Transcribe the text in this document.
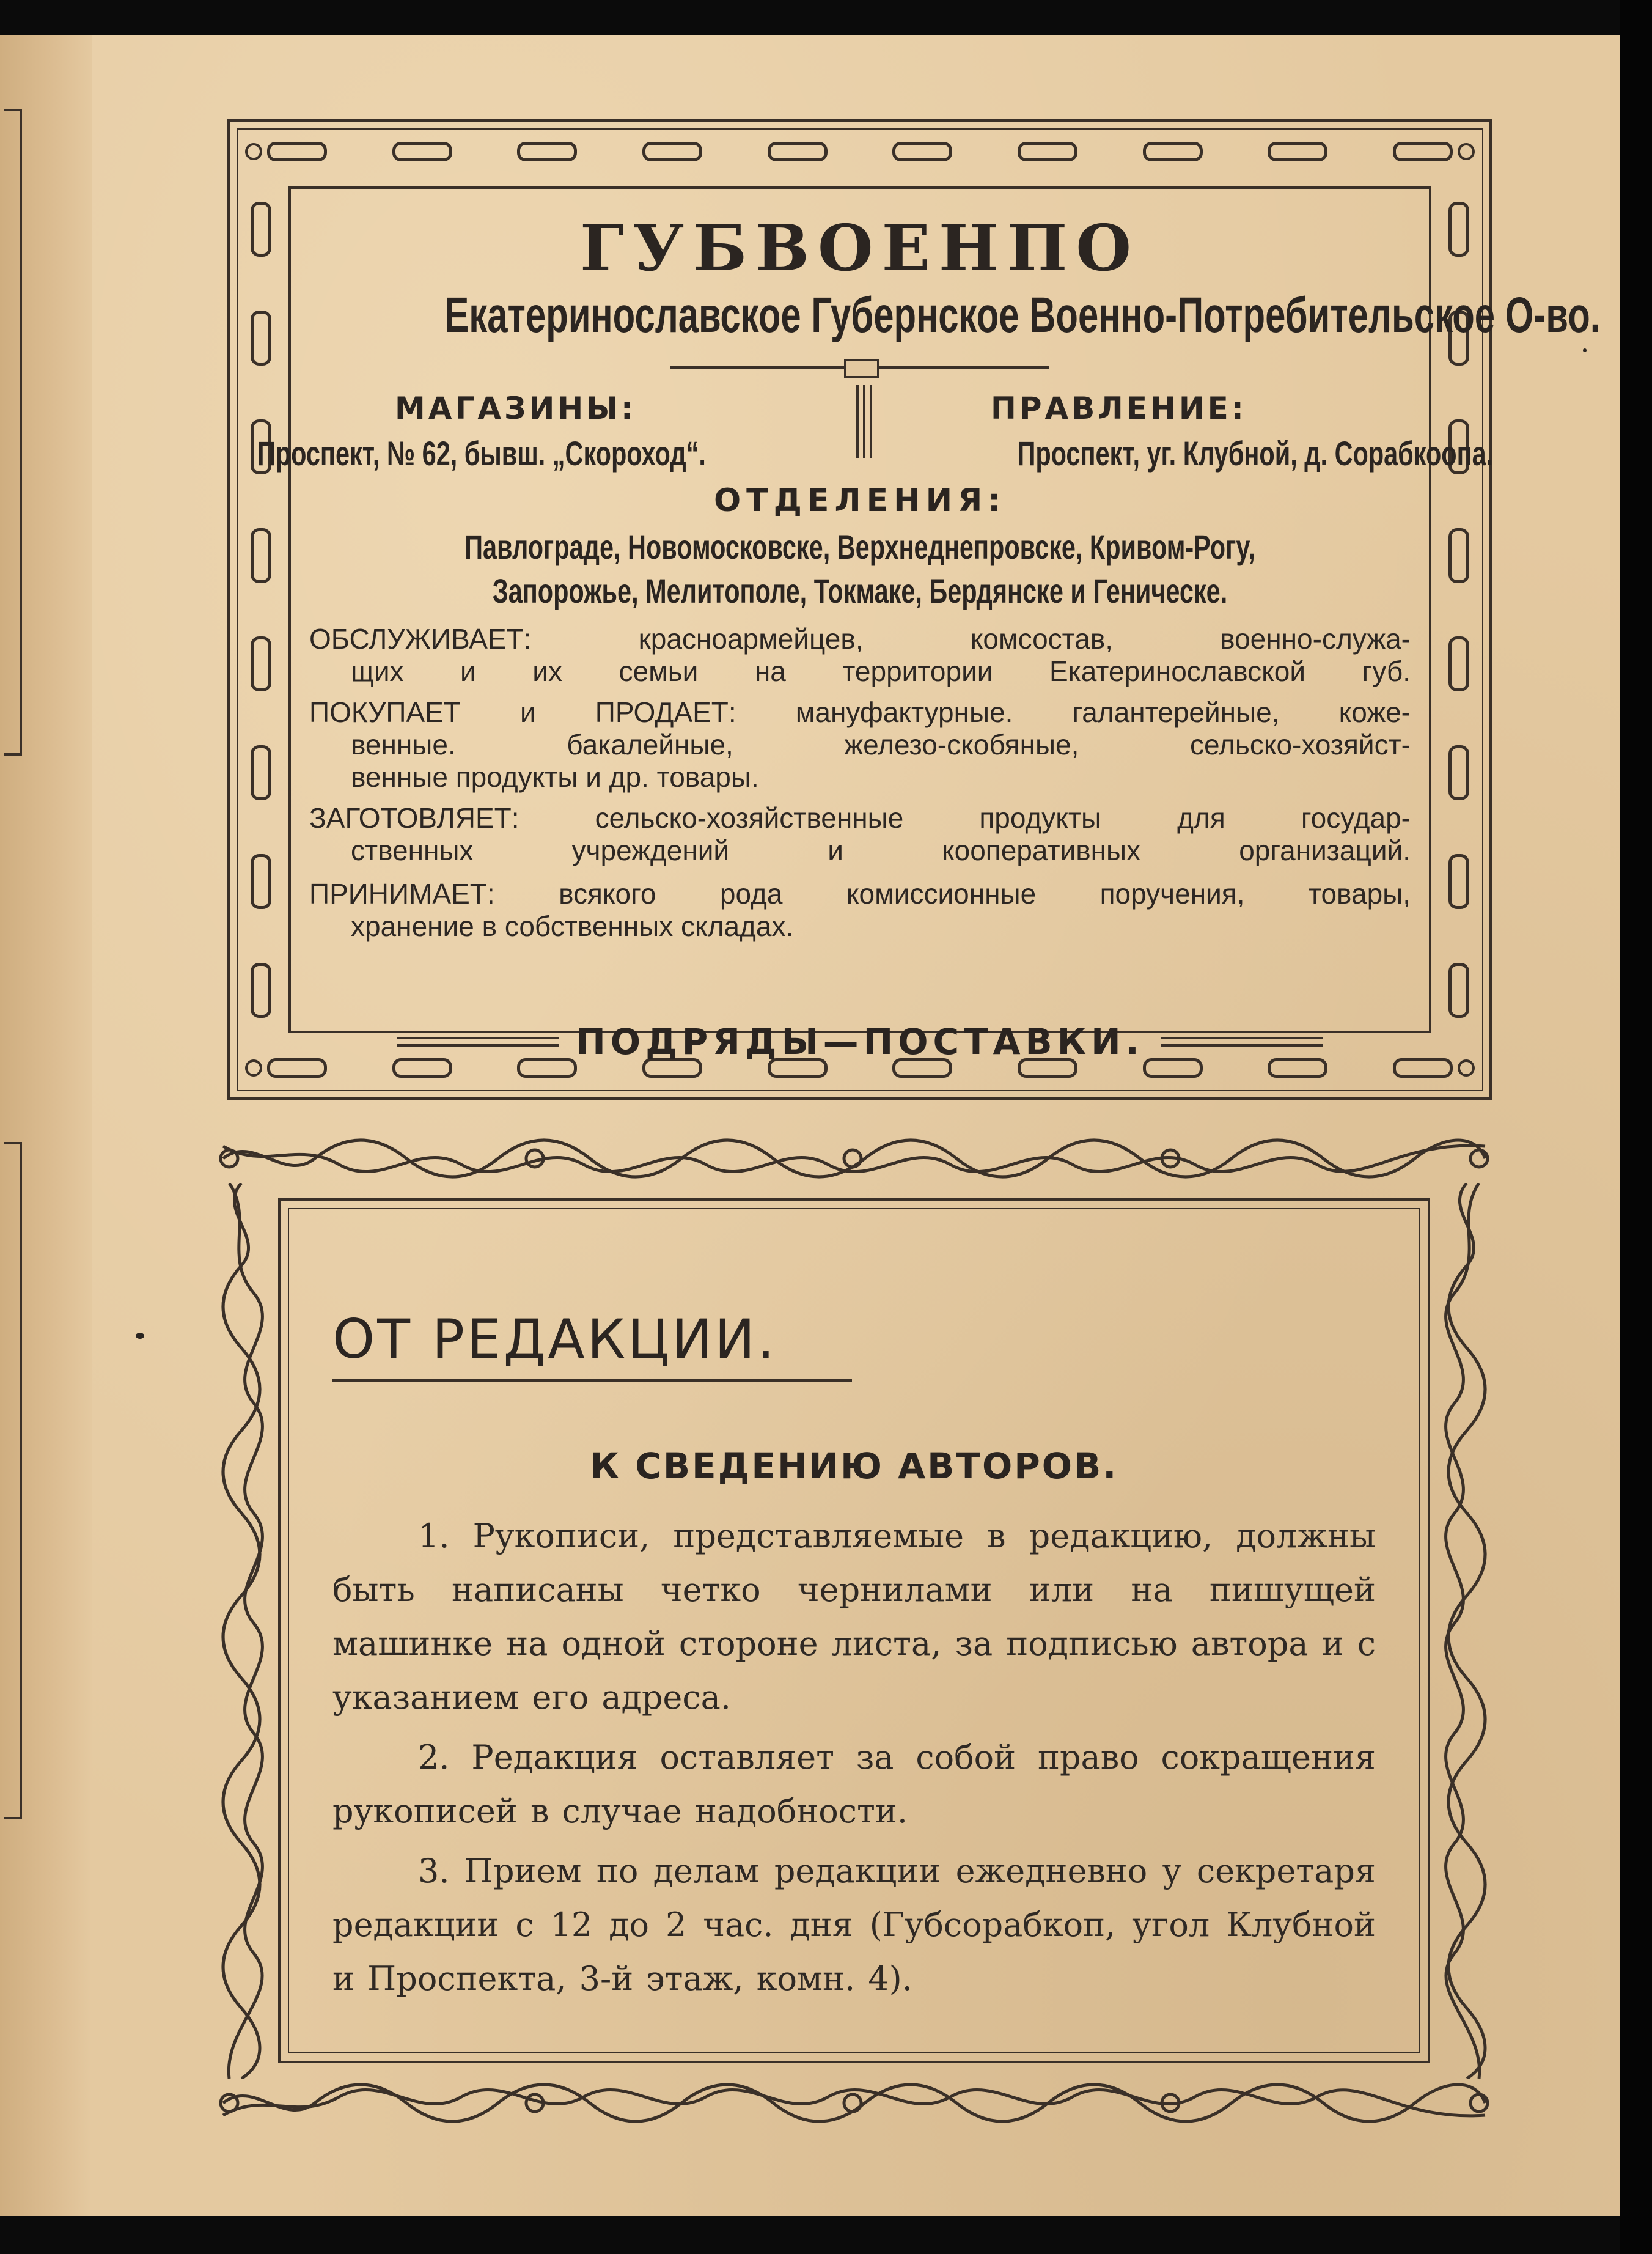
ГУБВОЕНПО
Екатеринославское Губернское Военно-Потребительское О-во.
МАГАЗИНЫ:
Проспект, № 62, бывш. „Скороход“.
ПРАВЛЕНИЕ:
Проспект, уг. Клубной, д. Сорабкоопа.
ОТДЕЛЕНИЯ:
Павлограде, Новомосковске, Верхнеднепровске, Кривом-Рогу,
Запорожье, Мелитополе, Токмаке, Бердянске и Геническе.
ОБСЛУЖИВАЕТ: красноармейцев, комсостав, военно-служа-
щих и их семьи на территории Екатеринославской губ.
ПОКУПАЕТ и ПРОДАЕТ: мануфактурные. галантерейные, коже-
венные. бакалейные, железо-скобяные, сельско-хозяйст-
венные продукты и др. товары.
ЗАГОТОВЛЯЕТ: сельско-хозяйственные продукты для государ-
ственных учреждений и кооперативных организаций.
ПРИНИМАЕТ: всякого рода комиссионные поручения, товары,
хранение в собственных складах.
ПОДРЯДЫ—ПОСТАВКИ.
ОТ РЕДАКЦИИ.
К СВЕДЕНИЮ АВТОРОВ.

1. Рукописи, представляемые в редакцию, должны быть написаны четко чернилами или на пишущей машинке на одной стороне листа, за подписью автора и с указанием его адреса.

2. Редакция оставляет за собой право сокращения рукописей в случае надобности.

3. Прием по делам редакции ежедневно у секретаря редакции с 12 до 2 час. дня (Губсорабкоп, угол Клубной и Проспекта, 3-й этаж, комн. 4).
